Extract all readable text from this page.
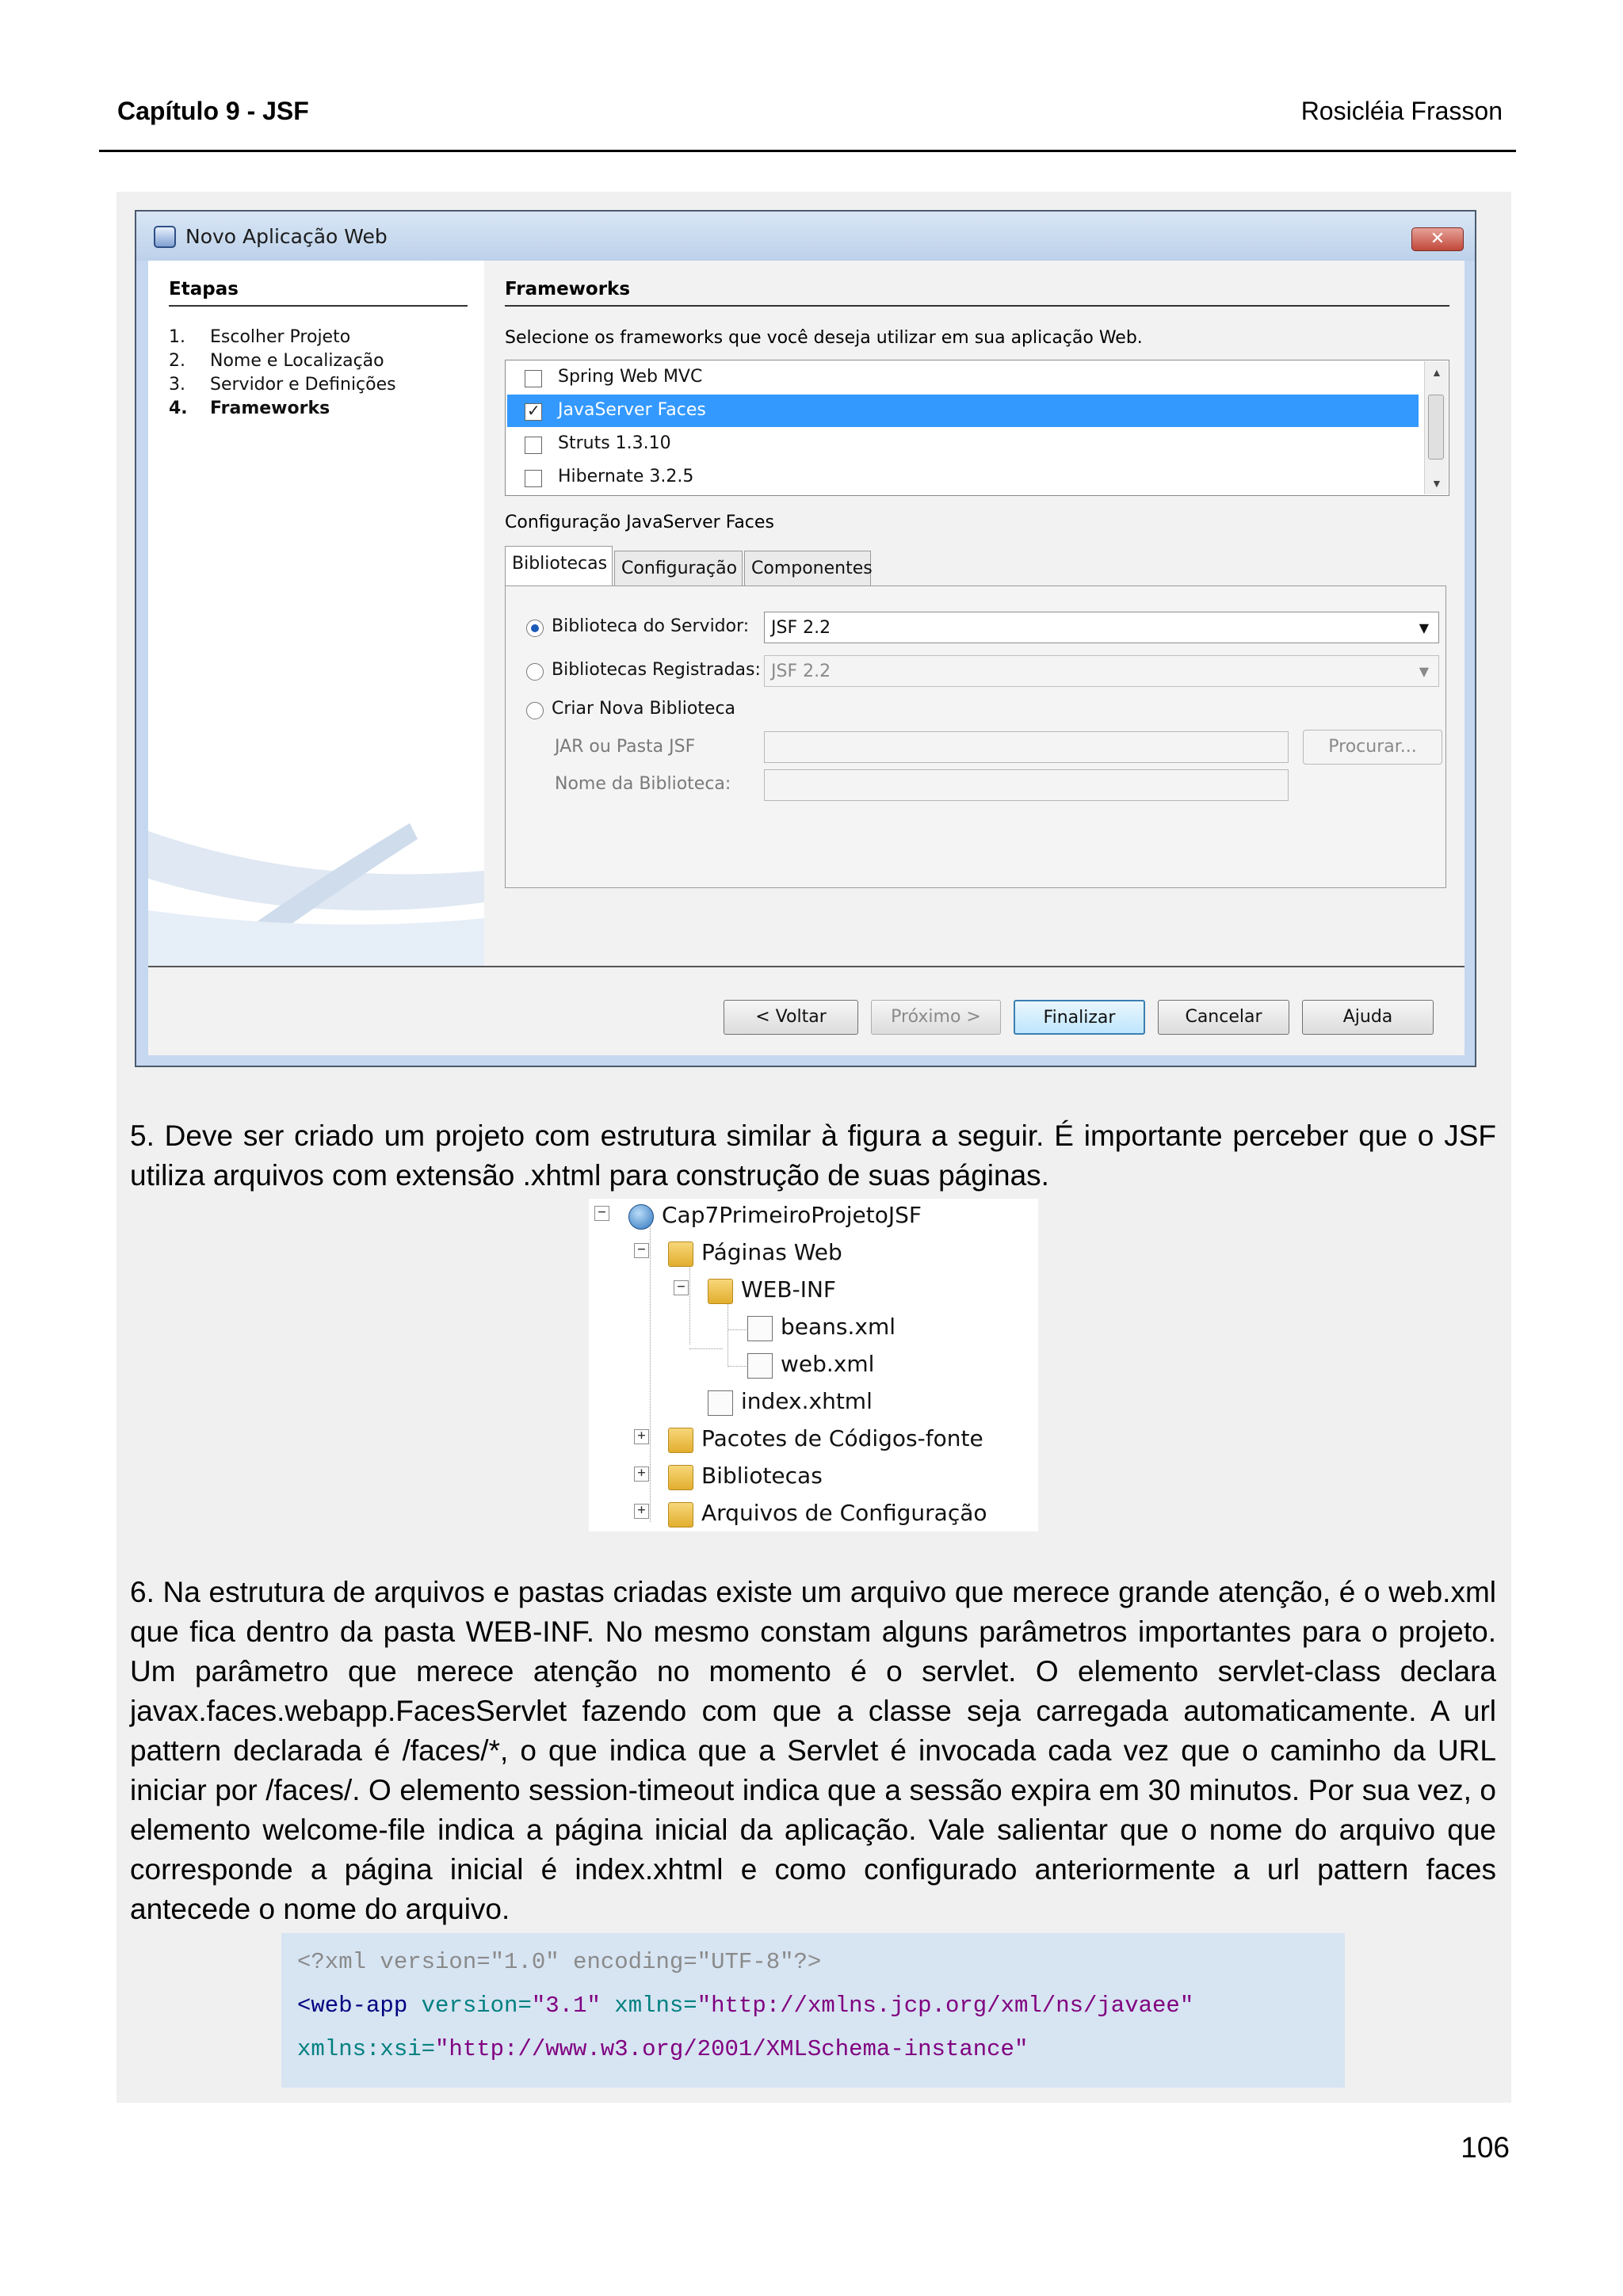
Capítulo 9 - JSF	Rosicléia Frasson
Novo Aplicação Web	✕
Etapas
1. Escolher Projeto
2. Nome e Localização
3. Servidor e Definições
4. Frameworks
Frameworks
Selecione os frameworks que você deseja utilizar em sua aplicação Web.
Spring Web MVC
✓
JavaServer Faces
Struts 1.3.10
Hibernate 3.2.5
▲
▼
Configuração JavaServer Faces
Bibliotecas Configuração Componentes
Biblioteca do Servidor:	JSF 2.2	▼
Bibliotecas Registradas: JSF 2.2	▼
Criar Nova Biblioteca
JAR ou Pasta JSF	Procurar...
Nome da Biblioteca:
< Voltar	Próximo >	Finalizar	Cancelar	Ajuda
5. Deve ser criado um projeto com estrutura similar à figura a seguir. É importante perceber que o JSF utiliza arquivos com extensão .xhtml para construção de suas páginas.
−	Cap7PrimeiroProjetoJSF
−	Páginas Web
−	WEB-INF
beans.xml
web.xml
index.xhtml
+	Pacotes de Códigos-fonte
+	Bibliotecas
+	Arquivos de Configuração
6. Na estrutura de arquivos e pastas criadas existe um arquivo que merece grande atenção, é o web.xml que fica dentro da pasta WEB-INF. No mesmo constam alguns parâmetros importantes para o projeto. Um parâmetro que merece atenção no momento é o servlet. O elemento servlet-class declara javax.faces.webapp.FacesServlet fazendo com que a classe seja carregada automaticamente. A url pattern declarada é /faces/*, o que indica que a Servlet é invocada cada vez que o caminho da URL iniciar por /faces/. O elemento session-timeout indica que a sessão expira em 30 minutos. Por sua vez, o elemento welcome-file indica a página inicial da aplicação. Vale salientar que o nome do arquivo que corresponde a página inicial é index.xhtml e como configurado anteriormente a url pattern faces antecede o nome do arquivo.
<?xml version="1.0" encoding="UTF-8"?>
<web-app version="3.1" xmlns="http://xmlns.jcp.org/xml/ns/javaee"
xmlns:xsi="http://www.w3.org/2001/XMLSchema-instance"
106
